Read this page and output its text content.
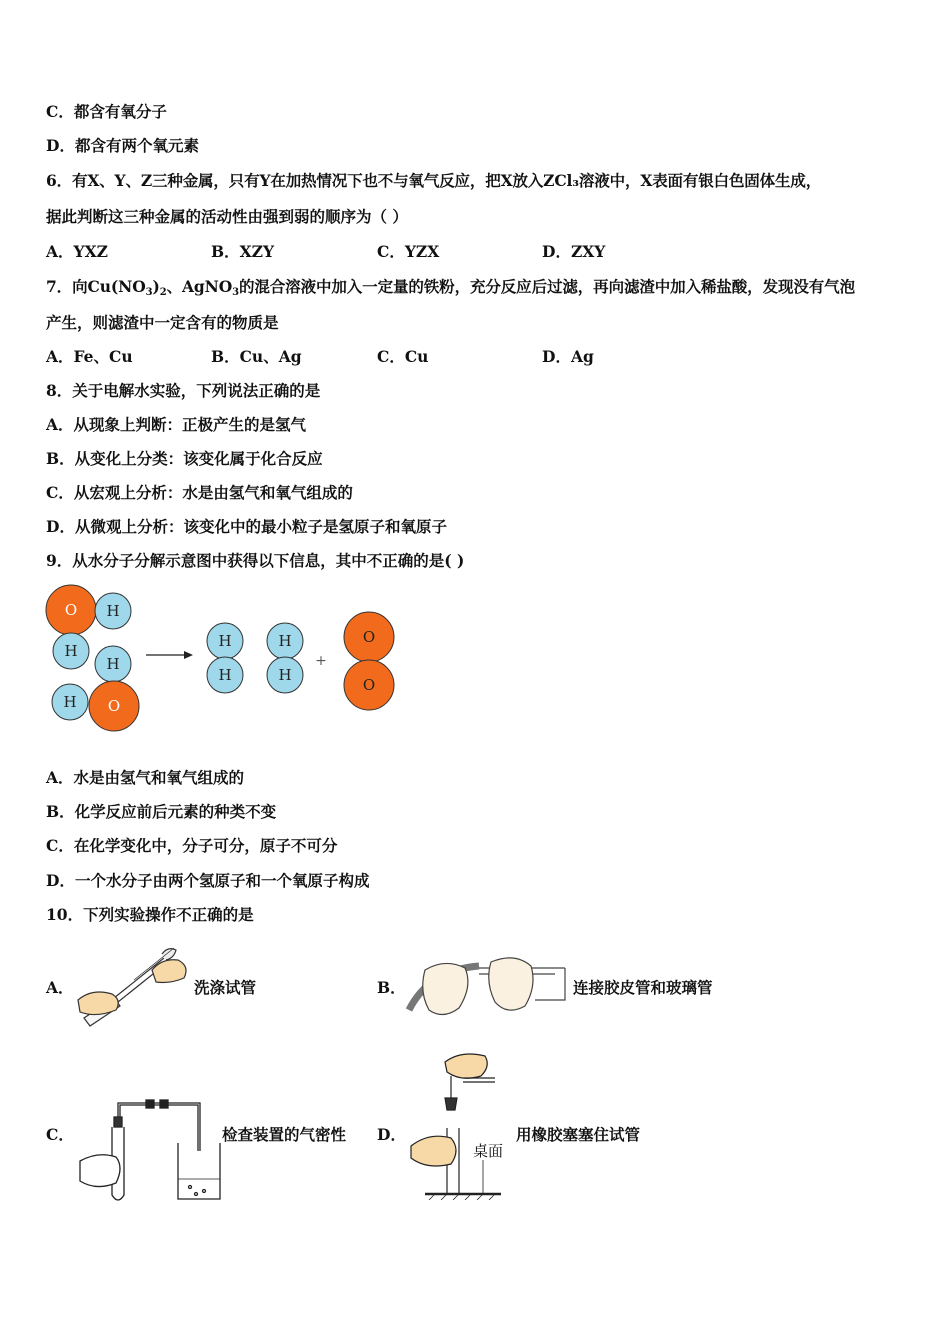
C．都含有氧分子
D．都含有两个氧元素
6．有X、Y、Z三种金属，只有Y在加热情况下也不与氧气反应，把X放入ZCl₃溶液中，X表面有银白色固体生成，
据此判断这三种金属的活动性由强到弱的顺序为（ ）
A．YXZ	B．XZY	C．YZX	D．ZXY
7．向$Cu(NO_3)_2$、AgNO$_3$的混合溶液中加入一定量的铁粉，充分反应后过滤，再向滤渣中加入稀盐酸，发现没有气泡
产生，则滤渣中一定含有的物质是
A．Fe、Cu	B．Cu、Ag	C．Cu	D．Ag
8．关于电解水实验，下列说法正确的是
A．从现象上判断：正极产生的是氢气
B．从变化上分类：该变化属于化合反应
C．从宏观上分析：水是由氢气和氧气组成的
D．从微观上分析：该变化中的最小粒子是氢原子和氧原子
9．从水分子分解示意图中获得以下信息，其中不正确的是( )
O H
H
H
H O
H
H
H
H
+
O
O
A．水是由氢气和氧气组成的
B．化学反应前后元素的种类不变
C．在化学变化中，分子可分，原子不可分
D．一个水分子由两个氢原子和一个氧原子构成
10．下列实验操作不正确的是
A．	洗涤试管	B．	连接胶皮管和玻璃管
C．	检查装置的气密性 D．
桌面
用橡胶塞塞住试管
